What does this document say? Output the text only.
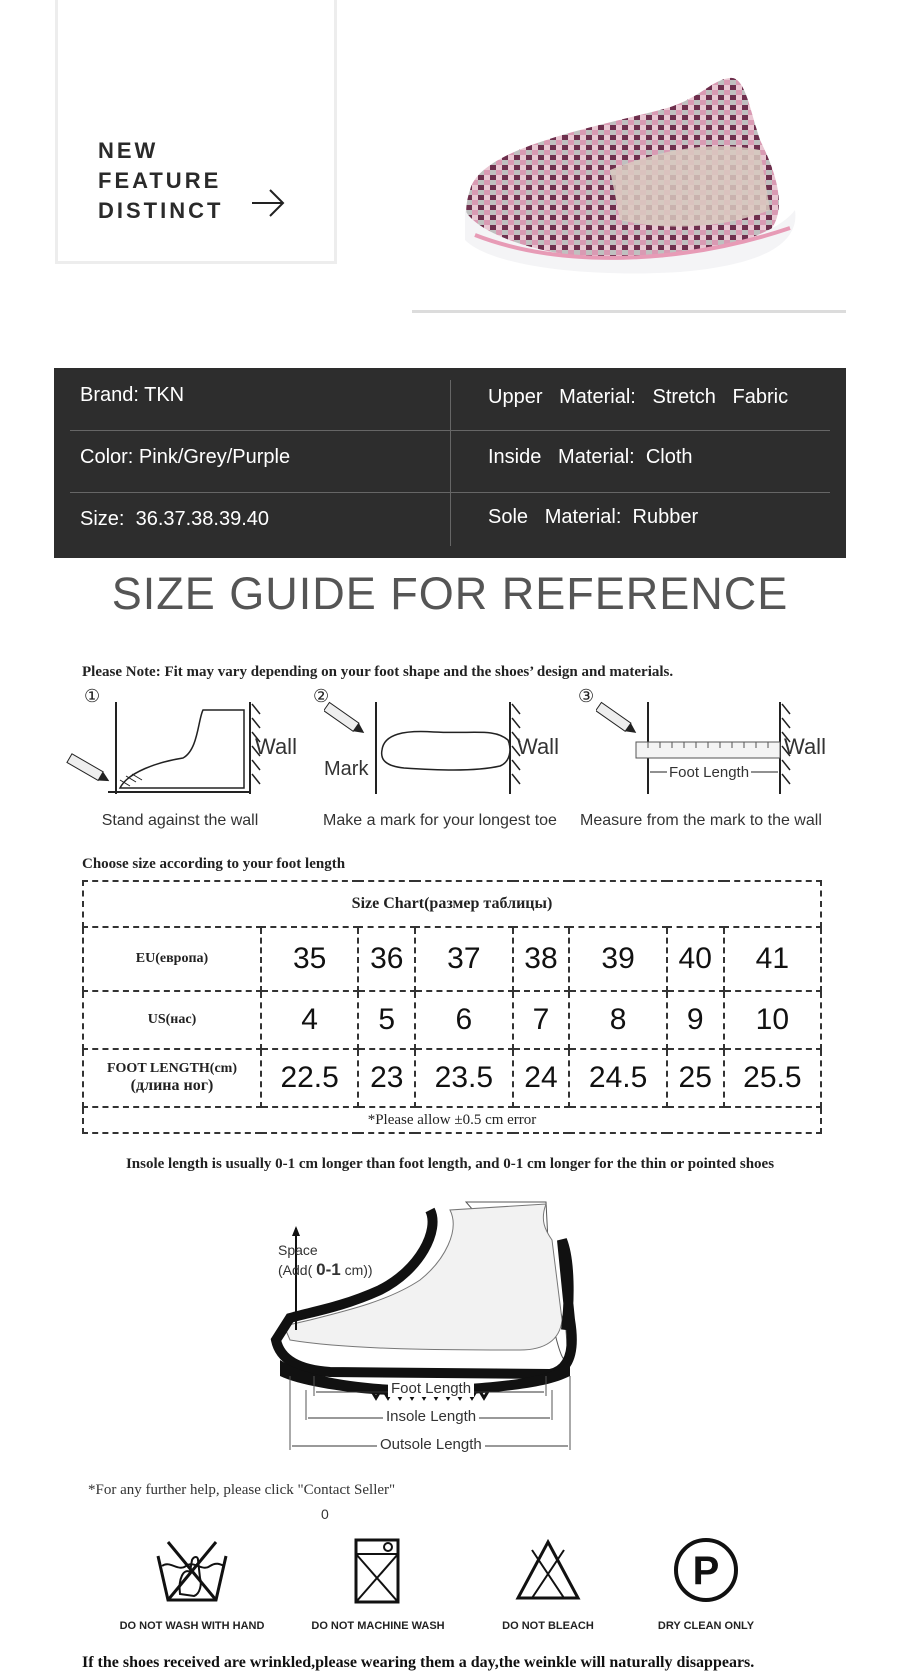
NEW
FEATURE
DISTINCT
Brand: TKN	Upper   Material:   Stretch   Fabric
Color: Pink/Grey/Purple	Inside   Material:  Cloth
Size:  36.37.38.39.40	Sole   Material:  Rubber
SIZE GUIDE FOR REFERENCE
Please Note: Fit may vary depending on your foot shape and the shoes’ design and materials.
①
Stand against the wall
Wall
②
Mark
Wall
Make a mark for your longest toe
③
Foot Length
Wall
Measure from the mark to the wall
Choose size according to your foot length
Size Chart(размер таблицы)							
EU(европа)	35	36	37	38	39	40	41
US(нас)	4	5	6	7	8	9	10

FOOT LENGTH(cm)
(длина ног)	22.5	23	23.5	24	24.5	25	25.5
*Please allow ±0.5 cm error							
Insole length is usually 0-1 cm longer than foot length, and 0-1 cm longer for the thin or pointed shoes
Space
(Add( 0-1 cm))
Foot Length
Insole Length
Outsole Length
*For any further help, please click "Contact Seller"
0
P
DO NOT WASH WITH HAND	DO NOT MACHINE WASH	DO NOT BLEACH	DRY CLEAN ONLY
If the shoes received are wrinkled,please wearing them a day,the weinkle will naturally disappears.
